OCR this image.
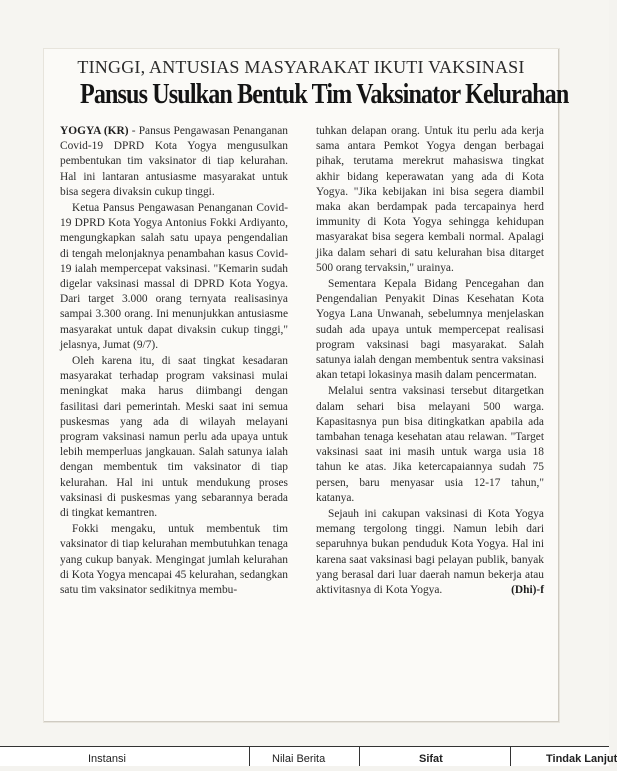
TINGGI, ANTUSIAS MASYARAKAT IKUTI VAKSINASI
Pansus Usulkan Bentuk Tim Vaksinator Kelurahan

YOGYA (KR) - Pansus Pengawasan Penanganan Covid-19 DPRD Kota Yogya mengusulkan pembentukan tim vaksinator di tiap kelurahan. Hal ini lantaran antusiasme masyarakat untuk bisa segera divaksin cukup tinggi.

Ketua Pansus Pengawasan Penanganan Covid-19 DPRD Kota Yogya Antonius Fokki Ardiyanto, mengungkapkan salah satu upaya pengendalian di tengah melonjaknya penambahan kasus Covid-19 ialah mempercepat vaksinasi. "Kemarin sudah digelar vaksinasi massal di DPRD Kota Yogya. Dari target 3.000 orang ternyata realisasinya sampai 3.300 orang. Ini menunjukkan antusiasme masyarakat untuk dapat divaksin cukup tinggi," jelasnya, Jumat (9/7).

Oleh karena itu, di saat tingkat kesadaran masyarakat terhadap program vaksinasi mulai meningkat maka harus diimbangi dengan fasilitasi dari pemerintah. Meski saat ini semua puskesmas yang ada di wilayah melayani program vaksinasi namun perlu ada upaya untuk lebih memperluas jangkauan. Salah satunya ialah dengan membentuk tim vaksinator di tiap kelurahan. Hal ini untuk mendukung proses vaksinasi di puskesmas yang sebarannya berada di tingkat kemantren.

Fokki mengaku, untuk membentuk tim vaksinator di tiap kelurahan membutuhkan tenaga yang cukup banyak. Mengingat jumlah kelurahan di Kota Yogya mencapai 45 kelurahan, sedangkan satu tim vaksinator sedikitnya membu-

tuhkan delapan orang. Untuk itu perlu ada kerja sama antara Pemkot Yogya dengan berbagai pihak, terutama merekrut mahasiswa tingkat akhir bidang keperawatan yang ada di Kota Yogya. "Jika kebijakan ini bisa segera diambil maka akan berdampak pada tercapainya herd immunity di Kota Yogya sehingga kehidupan masyarakat bisa segera kembali normal. Apalagi jika dalam sehari di satu kelurahan bisa ditarget 500 orang tervaksin," urainya.

Sementara Kepala Bidang Pencegahan dan Pengendalian Penyakit Dinas Kesehatan Kota Yogya Lana Unwanah, sebelumnya menjelaskan sudah ada upaya untuk mempercepat realisasi program vaksinasi bagi masyarakat. Salah satunya ialah dengan membentuk sentra vaksinasi akan tetapi lokasinya masih dalam pencermatan.

Melalui sentra vaksinasi tersebut ditargetkan dalam sehari bisa melayani 500 warga. Kapasitasnya pun bisa ditingkatkan apabila ada tambahan tenaga kesehatan atau relawan. "Target vaksinasi saat ini masih untuk warga usia 18 tahun ke atas. Jika ketercapaiannya sudah 75 persen, baru menyasar usia 12-17 tahun," katanya.

Sejauh ini cakupan vaksinasi di Kota Yogya memang tergolong tinggi. Namun lebih dari separuhnya bukan penduduk Kota Yogya. Hal ini karena saat vaksinasi bagi pelayan publik, banyak yang berasal dari luar daerah namun bekerja atau aktivitasnya di Kota Yogya.	(Dhi)-f

Instansi	Nilai Berita	Sifat	Tindak Lanjut
